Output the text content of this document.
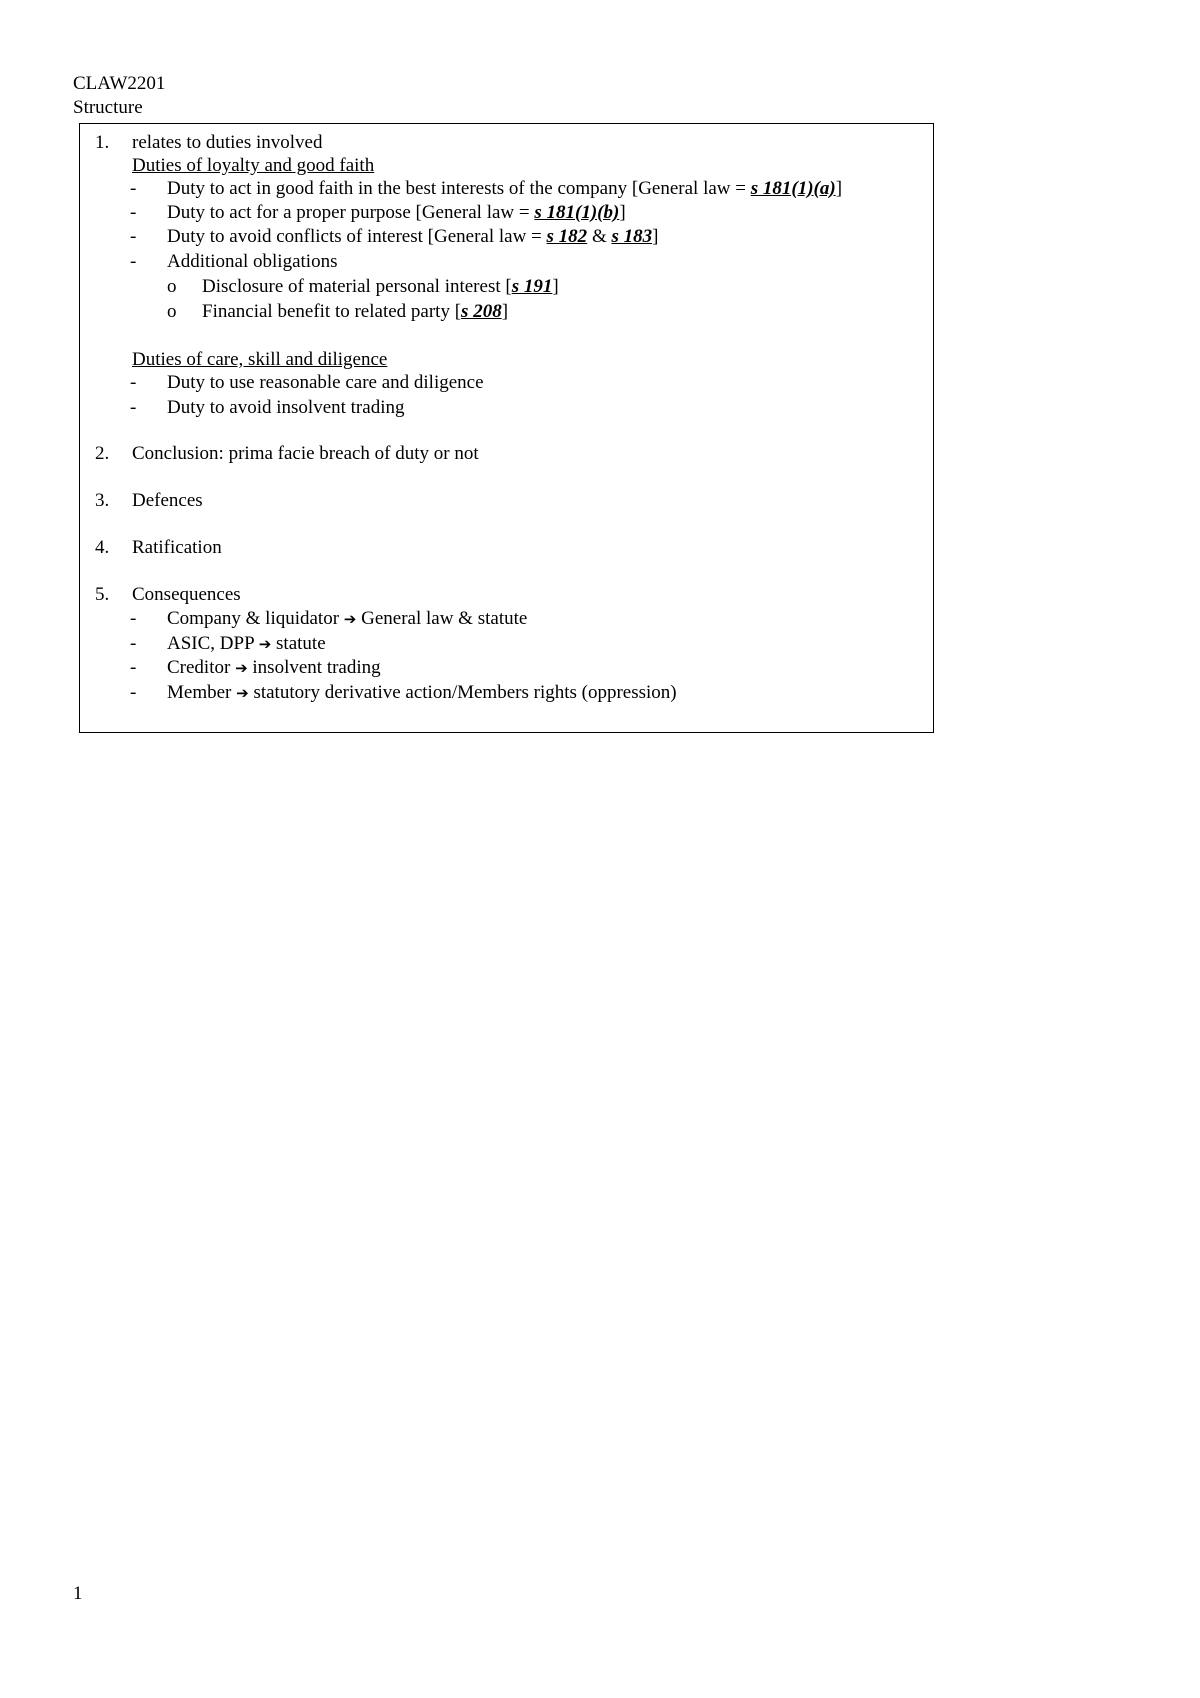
CLAW2201
Structure
1. relates to duties involved
Duties of loyalty and good faith
- Duty to act in good faith in the best interests of the company [General law = s 181(1)(a)]
- Duty to act for a proper purpose [General law = s 181(1)(b)]
- Duty to avoid conflicts of interest [General law = s 182 & s 183]
- Additional obligations
o Disclosure of material personal interest [s 191]
o Financial benefit to related party [s 208]
Duties of care, skill and diligence
- Duty to use reasonable care and diligence
- Duty to avoid insolvent trading
2. Conclusion: prima facie breach of duty or not
3. Defences
4. Ratification
5. Consequences
- Company & liquidator ➔ General law & statute
- ASIC, DPP ➔ statute
- Creditor ➔ insolvent trading
- Member ➔ statutory derivative action/Members rights (oppression)
1
